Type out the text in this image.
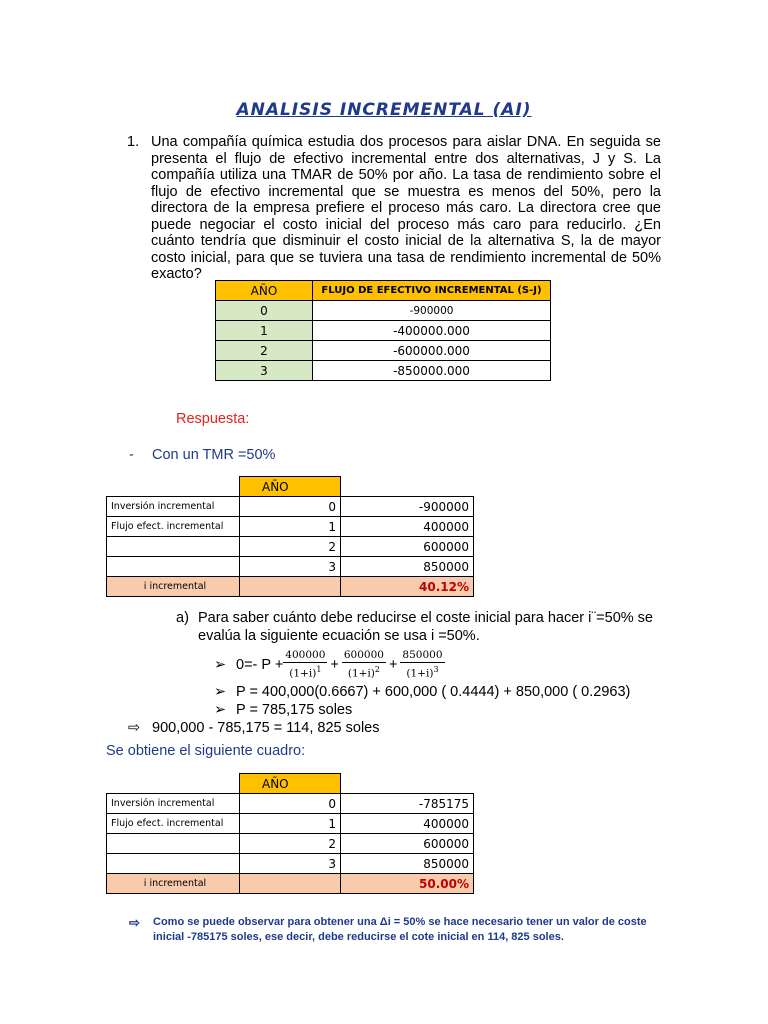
ANALISIS INCREMENTAL (AI)
1. Una compañía química estudia dos procesos para aislar DNA. En seguida se presenta el flujo de efectivo incremental entre dos alternativas, J y S. La compañía utiliza una TMAR de 50% por año. La tasa de rendimiento sobre el flujo de efectivo incremental que se muestra es menos del 50%, pero la directora de la empresa prefiere el proceso más caro. La directora cree que puede negociar el costo inicial del proceso más caro para reducirlo. ¿En cuánto tendría que disminuir el costo inicial de la alternativa S, la de mayor costo inicial, para que se tuviera una tasa de rendimiento incremental de 50% exacto?
AÑO	FLUJO DE EFECTIVO INCREMENTAL (S-J)
0	-900000
1	-400000.000
2	-600000.000
3	-850000.000
Respuesta:
- Con un TMR =50%
	AÑO	
Inversión incremental	0	-900000
Flujo efect. incremental	1	400000
	2	600000
	3	850000
i incremental		40.12%
a) Para saber cuánto debe reducirse el coste inicial para hacer i¨=50% se
evalúa la siguiente ecuación se usa i =50%.
➢ 0=- $P + \frac{400000}{(1+i)^1} + \frac{600000}{(1+i)^2} + \frac{850000}{(1+i)^3}$
➢ P = 400,000(0.6667) + 600,000 ( 0.4444) + 850,000 ( 0.2963)
➢ P = 785,175 soles
⇨ 900,000 - 785,175 = 114, 825 soles
Se obtiene el siguiente cuadro:
	AÑO	
Inversión incremental	0	-785175
Flujo efect. incremental	1	400000
	2	600000
	3	850000
i incremental		50.00%
⇨	Como se puede observar para obtener una Δi = 50% se hace necesario tener un valor de coste inicial -785175 soles, ese decir, debe reducirse el cote inicial en 114, 825 soles.
